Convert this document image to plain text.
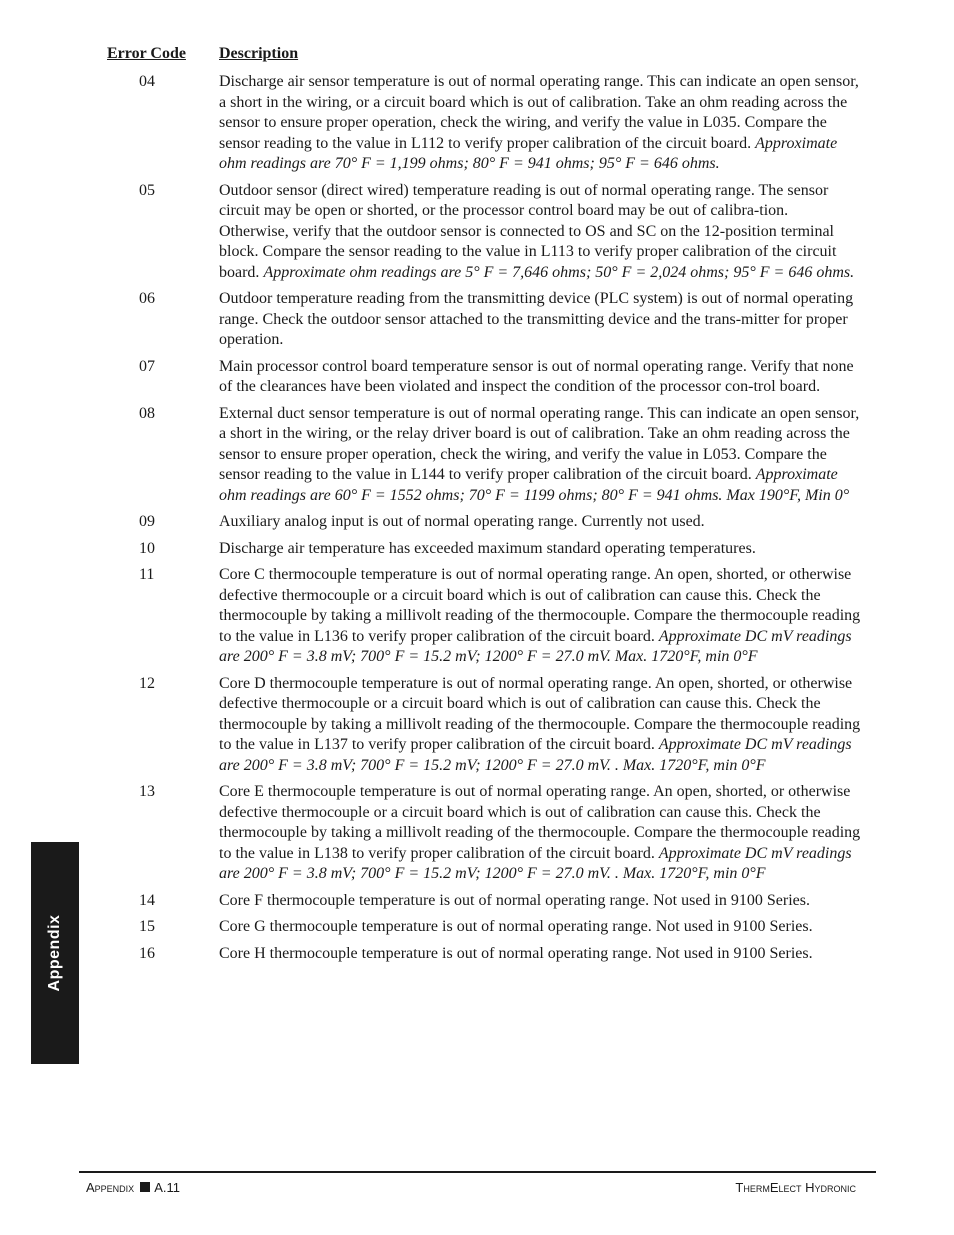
Error Code Description
04	Discharge air sensor temperature is out of normal operating range. This can indicate an open sensor, a short in the wiring, or a circuit board which is out of calibration. Take an ohm reading across the sensor to ensure proper operation, check the wiring, and verify the value in L035. Compare the sensor reading to the value in L112 to verify proper calibration of the circuit board. Approximate ohm readings are 70° F = 1,199 ohms; 80° F = 941 ohms; 95° F = 646 ohms.
05	Outdoor sensor (direct wired) temperature reading is out of normal operating range. The sensor circuit may be open or shorted, or the processor control board may be out of calibra-tion. Otherwise, verify that the outdoor sensor is connected to OS and SC on the 12-position terminal block. Compare the sensor reading to the value in L113 to verify proper calibration of the circuit board. Approximate ohm readings are 5° F = 7,646 ohms; 50° F = 2,024 ohms; 95° F = 646 ohms.
06	Outdoor temperature reading from the transmitting device (PLC system) is out of normal operating range. Check the outdoor sensor attached to the transmitting device and the trans-mitter for proper operation.
07	Main processor control board temperature sensor is out of normal operating range. Verify that none of the clearances have been violated and inspect the condition of the processor con-trol board.
08	External duct sensor temperature is out of normal operating range. This can indicate an open sensor, a short in the wiring, or the relay driver board is out of calibration. Take an ohm reading across the sensor to ensure proper operation, check the wiring, and verify the value in L053. Compare the sensor reading to the value in L144 to verify proper calibration of the circuit board. Approximate ohm readings are 60° F = 1552 ohms; 70° F = 1199 ohms; 80° F = 941 ohms. Max 190°F, Min 0°
09	Auxiliary analog input is out of normal operating range. Currently not used.
10	Discharge air temperature has exceeded maximum standard operating temperatures.
11	Core C thermocouple temperature is out of normal operating range. An open, shorted, or otherwise defective thermocouple or a circuit board which is out of calibration can cause this. Check the thermocouple by taking a millivolt reading of the thermocouple. Compare the thermocouple reading to the value in L136 to verify proper calibration of the circuit board. Approximate DC mV readings are 200° F = 3.8 mV; 700° F = 15.2 mV; 1200° F = 27.0 mV. Max. 1720°F, min 0°F
12	Core D thermocouple temperature is out of normal operating range. An open, shorted, or otherwise defective thermocouple or a circuit board which is out of calibration can cause this. Check the thermocouple by taking a millivolt reading of the thermocouple. Compare the thermocouple reading to the value in L137 to verify proper calibration of the circuit board. Approximate DC mV readings are 200° F = 3.8 mV; 700° F = 15.2 mV; 1200° F = 27.0 mV. . Max. 1720°F, min 0°F
13	Core E thermocouple temperature is out of normal operating range. An open, shorted, or otherwise defective thermocouple or a circuit board which is out of calibration can cause this. Check the thermocouple by taking a millivolt reading of the thermocouple. Compare the thermocouple reading to the value in L138 to verify proper calibration of the circuit board. Approximate DC mV readings are 200° F = 3.8 mV; 700° F = 15.2 mV; 1200° F = 27.0 mV. . Max. 1720°F, min 0°F
14	Core F thermocouple temperature is out of normal operating range. Not used in 9100 Series.
15	Core G thermocouple temperature is out of normal operating range. Not used in 9100 Series.
16	Core H thermocouple temperature is out of normal operating range. Not used in 9100 Series.
Appendix
Appendix A.11	ThermElect Hydronic
